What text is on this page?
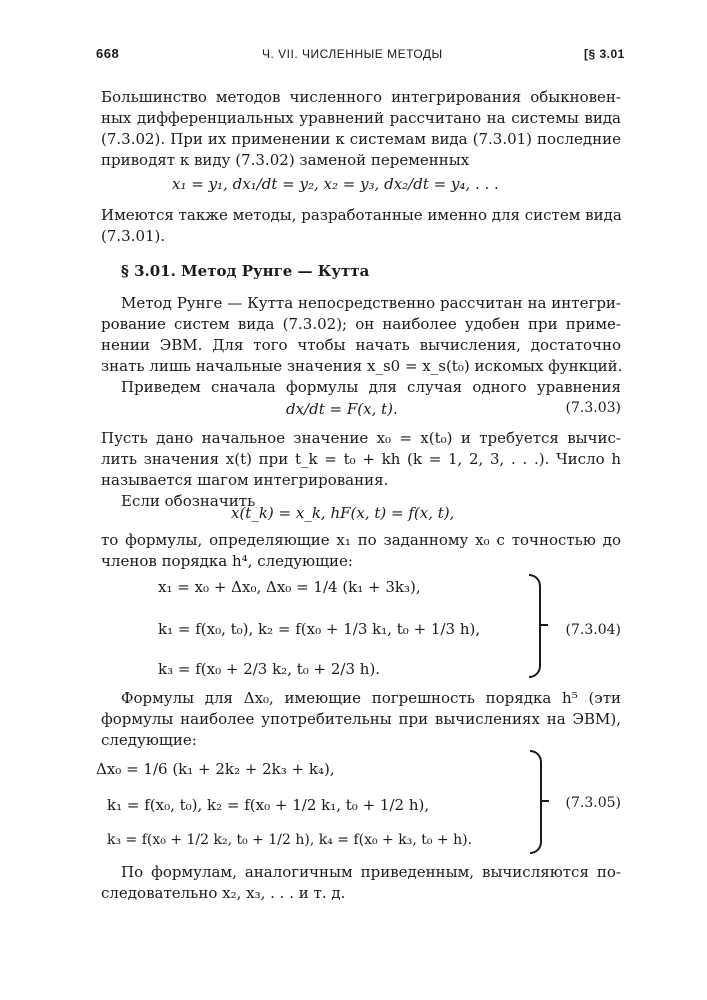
668	Ч. VII. ЧИСЛЕННЫЕ МЕТОДЫ	[§ 3.01
Большинство методов численного интегрирования обыкновен-
ных дифференциальных уравнений рассчитано на системы вида
(7.3.02). При их применении к системам вида (7.3.01) последние
приводят к виду (7.3.02) заменой переменных
x₁ = y₁, dx₁/dt = y₂, x₂ = y₃, dx₂/dt = y₄, . . .
Имеются также методы, разработанные именно для систем вида
(7.3.01).
§ 3.01. Метод Рунге — Кутта
Метод Рунге — Кутта непосредственно рассчитан на интегри-
рование систем вида (7.3.02); он наиболее удобен при приме-
нении ЭВМ. Для того чтобы начать вычисления, достаточно
знать лишь начальные значения x_s0 = x_s(t₀) искомых функций.
Приведем сначала формулы для случая одного уравнения
dx/dt = F(x, t).	(7.3.03)
Пусть дано начальное значение x₀ = x(t₀) и требуется вычис-
лить значения x(t) при t_k = t₀ + kh (k = 1, 2, 3, . . .). Число h
называется шагом интегрирования.
Если обозначить
x(t_k) = x_k, hF(x, t) = f(x, t),
то формулы, определяющие x₁ по заданному x₀ с точностью до
членов порядка h⁴, следующие:
x₁ = x₀ + Δx₀, Δx₀ = 1/4 (k₁ + 3k₃),
k₁ = f(x₀, t₀), k₂ = f(x₀ + 1/3 k₁, t₀ + 1/3 h),
k₃ = f(x₀ + 2/3 k₂, t₀ + 2/3 h).
(7.3.04)
Формулы для Δx₀, имеющие погрешность порядка h⁵ (эти
формулы наиболее употребительны при вычислениях на ЭВМ),
следующие:
Δx₀ = 1/6 (k₁ + 2k₂ + 2k₃ + k₄),
k₁ = f(x₀, t₀), k₂ = f(x₀ + 1/2 k₁, t₀ + 1/2 h),
k₃ = f(x₀ + 1/2 k₂, t₀ + 1/2 h), k₄ = f(x₀ + k₃, t₀ + h).
(7.3.05)
По формулам, аналогичным приведенным, вычисляются по-
следовательно x₂, x₃, . . . и т. д.
